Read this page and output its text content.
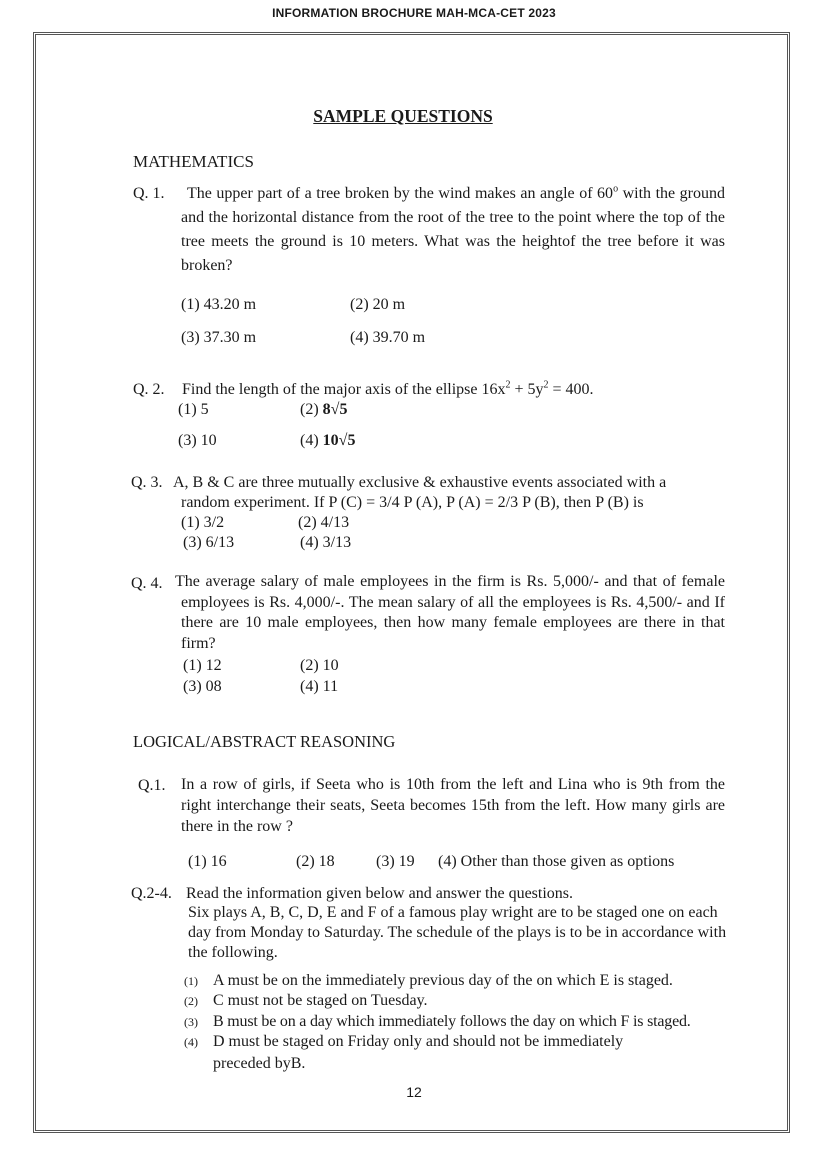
INFORMATION BROCHURE MAH-MCA-CET 2023
SAMPLE QUESTIONS
MATHEMATICS
Q. 1.	The upper part of a tree broken by the wind makes an angle of 60$^o$ with the ground and the horizontal distance from the root of the tree to the point where the top of the tree meets the ground is 10 meters. What was the heightof the tree before it was broken?
(1) 43.20 m	(2) 20 m
(3) 37.30 m	(4) 39.70 m
Q. 2. Find the length of the major axis of the ellipse $16x^2 + 5y^2 = 400$.
(1) 5	(2) 8√5
(3) 10	(4) 10√5
Q. 3. A, B & C are three mutually exclusive & exhaustive events associated with a
random experiment. If P (C) = 3/4 P (A), P (A) = 2/3 P (B), then P (B) is
(1) 3/2	(2) 4/13
(3) 6/13	(4) 3/13
Q. 4. The average salary of male employees in the firm is Rs. 5,000/- and that of female employees is Rs. 4,000/-. The mean salary of all the employees is Rs. 4,500/- and If there are 10 male employees, then how many female employees are there in that firm?
(1) 12	(2) 10
(3) 08	(4) 11
LOGICAL/ABSTRACT REASONING
Q.1. In a row of girls, if Seeta who is 10th from the left and Lina who is 9th from the right interchange their seats, Seeta becomes 15th from the left. How many girls are there in the row ?
(1) 16	(2) 18	(3) 19 (4) Other than those given as options
Q.2-4. Read the information given below and answer the questions.
Six plays A, B, C, D, E and F of a famous play wright are to be staged one on each day from Monday to Saturday. The schedule of the plays is to be in accordance with the following.
(1) A must be on the immediately previous day of the on which E is staged.
(2) C must not be staged on Tuesday.
(3) B must be on a day which immediately follows the day on which F is staged.
(4) D must be staged on Friday only and should not be immediately
preceded byB.
12
